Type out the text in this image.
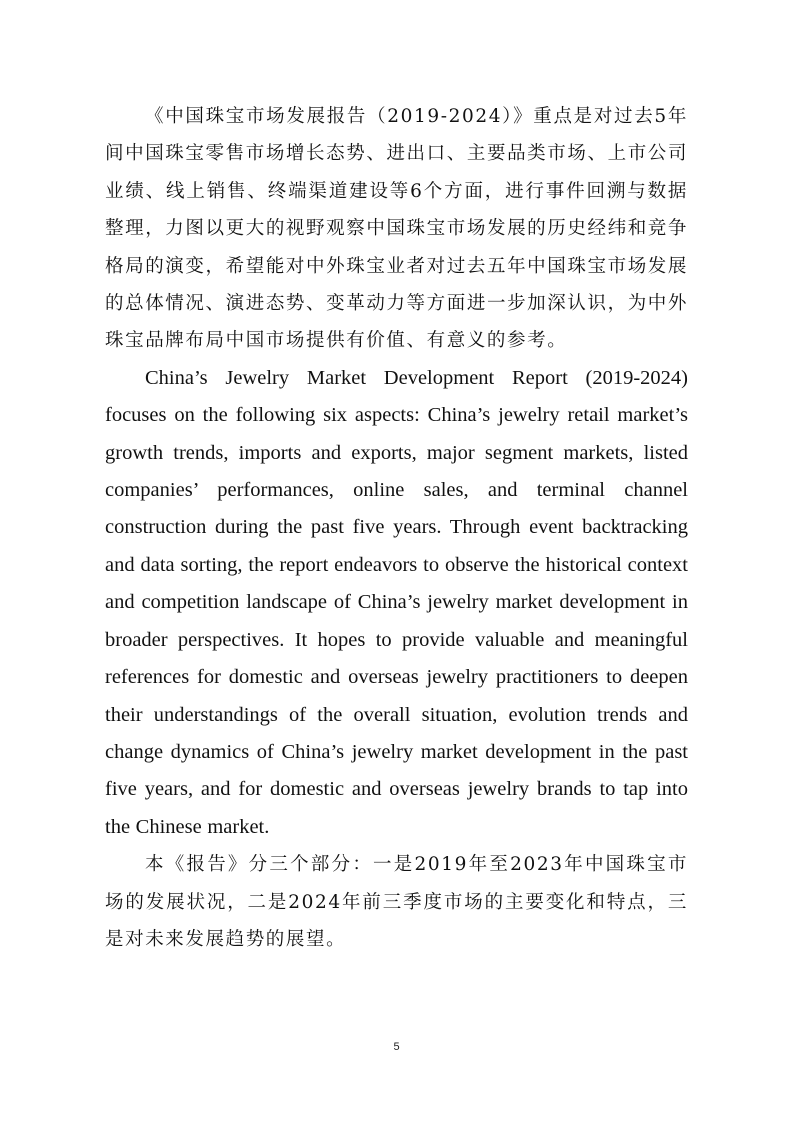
《中国珠宝市场发展报告（2019-2024）》重点是对过去5年间中国珠宝零售市场增长态势、进出口、主要品类市场、上市公司业绩、线上销售、终端渠道建设等6个方面，进行事件回溯与数据整理，力图以更大的视野观察中国珠宝市场发展的历史经纬和竞争格局的演变，希望能对中外珠宝业者对过去五年中国珠宝市场发展的总体情况、演进态势、变革动力等方面进一步加深认识，为中外珠宝品牌布局中国市场提供有价值、有意义的参考。

China’s Jewelry Market Development Report (2019-2024) focuses on the following six aspects: China’s jewelry retail market’s growth trends, imports and exports, major segment markets, listed companies’ performances, online sales, and terminal channel construction during the past five years. Through event backtracking and data sorting, the report endeavors to observe the historical context and competition landscape of China’s jewelry market development in broader perspectives. It hopes to provide valuable and meaningful references for domestic and overseas jewelry practitioners to deepen their understandings of the overall situation, evolution trends and change dynamics of China’s jewelry market development in the past five years, and for domestic and overseas jewelry brands to tap into the Chinese market.

本《报告》分三个部分：一是2019年至2023年中国珠宝市场的发展状况，二是2024年前三季度市场的主要变化和特点，三是对未来发展趋势的展望。

5
